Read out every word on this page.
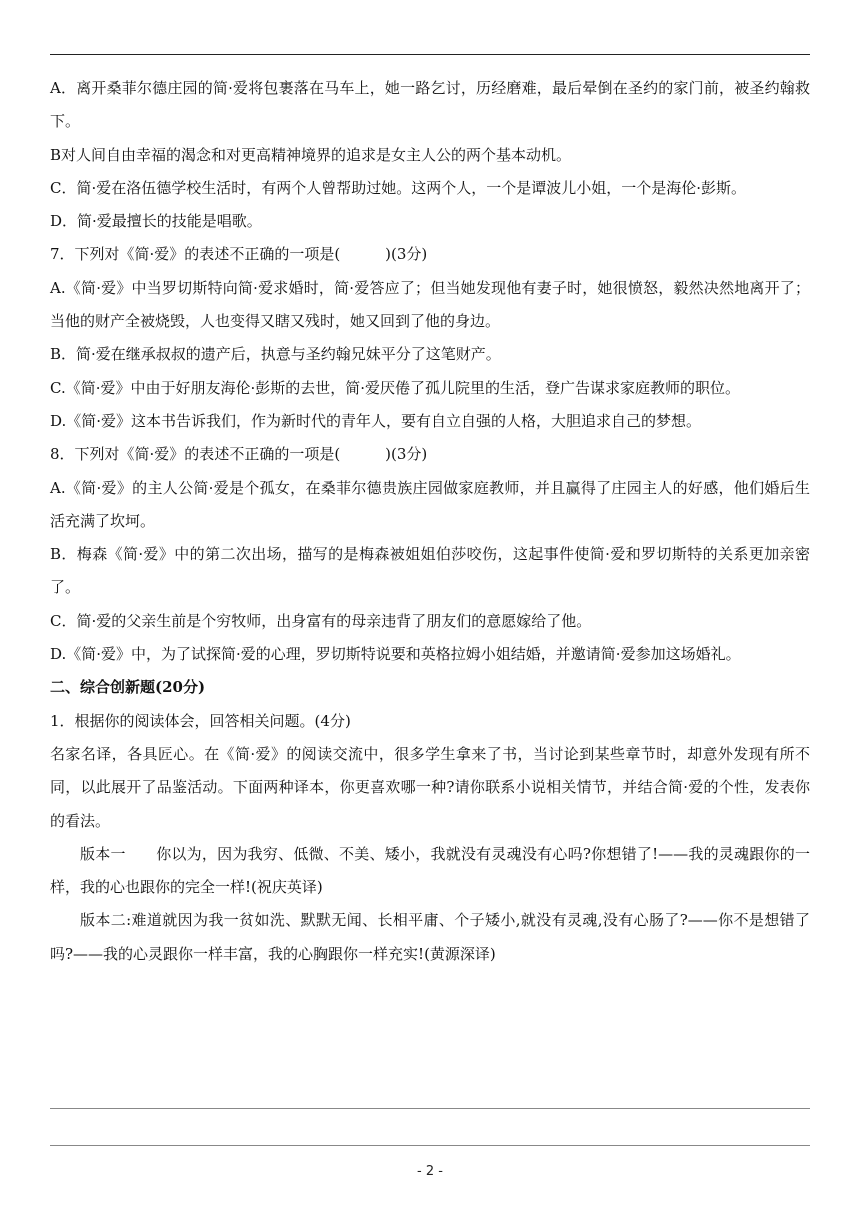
A．离开桑菲尔德庄园的简·爱将包裹落在马车上，她一路乞讨，历经磨难，最后晕倒在圣约的家门前，被圣约翰救下。

B对人间自由幸福的渴念和对更高精神境界的追求是女主人公的两个基本动机。

C．简·爱在洛伍德学校生活时，有两个人曾帮助过她。这两个人，一个是谭波儿小姐，一个是海伦·彭斯。

D．简·爱最擅长的技能是唱歌。

7．下列对《简·爱》的表述不正确的一项是(　　　)(3分)

A.《简·爱》中当罗切斯特向简·爱求婚时，简·爱答应了；但当她发现他有妻子时，她很愤怒，毅然决然地离开了；当他的财产全被烧毁，人也变得又瞎又残时，她又回到了他的身边。

B．简·爱在继承叔叔的遗产后，执意与圣约翰兄妹平分了这笔财产。

C.《简·爱》中由于好朋友海伦·彭斯的去世，简·爱厌倦了孤儿院里的生活，登广告谋求家庭教师的职位。

D.《简·爱》这本书告诉我们，作为新时代的青年人，要有自立自强的人格，大胆追求自己的梦想。

8．下列对《简·爱》的表述不正确的一项是(　　　)(3分)

A.《简·爱》的主人公简·爱是个孤女，在桑菲尔德贵族庄园做家庭教师，并且赢得了庄园主人的好感，他们婚后生活充满了坎坷。

B．梅森《简·爱》中的第二次出场，描写的是梅森被姐姐伯莎咬伤，这起事件使简·爱和罗切斯特的关系更加亲密了。

C．简·爱的父亲生前是个穷牧师，出身富有的母亲违背了朋友们的意愿嫁给了他。

D.《简·爱》中，为了试探简·爱的心理，罗切斯特说要和英格拉姆小姐结婚，并邀请简·爱参加这场婚礼。

二、综合创新题(20分)

1．根据你的阅读体会，回答相关问题。(4分)

名家名译，各具匠心。在《简·爱》的阅读交流中，很多学生拿来了书，当讨论到某些章节时，却意外发现有所不同，以此展开了品鉴活动。下面两种译本，你更喜欢哪一种?请你联系小说相关情节，并结合简·爱的个性，发表你的看法。

版本一　　你以为，因为我穷、低微、不美、矮小，我就没有灵魂没有心吗?你想错了!——我的灵魂跟你的一样，我的心也跟你的完全一样!(祝庆英译)

版本二:难道就因为我一贫如洗、默默无闻、长相平庸、个子矮小,就没有灵魂,没有心肠了?——你不是想错了吗?——我的心灵跟你一样丰富，我的心胸跟你一样充实!(黄源深译)

- 2 -
